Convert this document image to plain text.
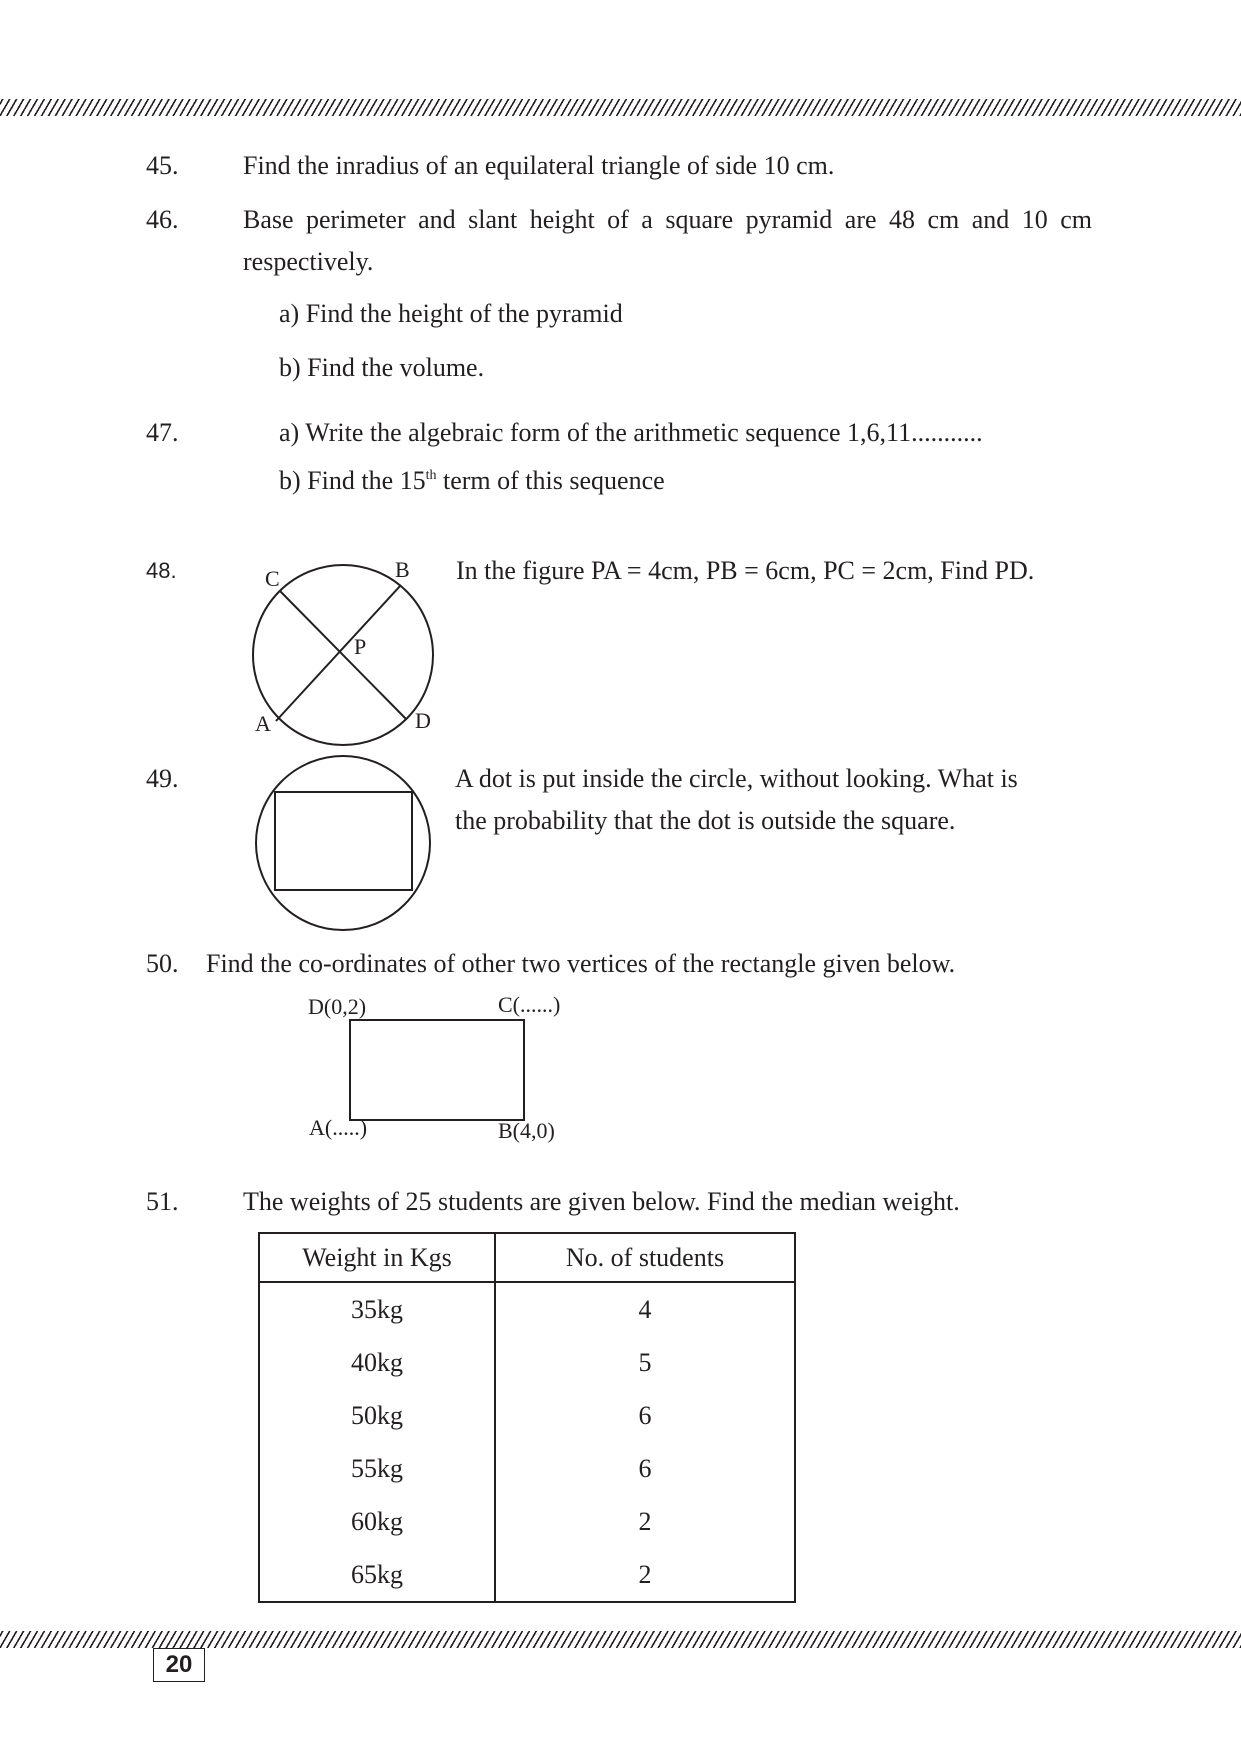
45. Find the inradius of an equilateral triangle of side 10 cm.
46. Base perimeter and slant height of a square pyramid are 48 cm and 10 cm
respectively.
a) Find the height of the pyramid
b) Find the volume.
47.	a) Write the algebraic form of the arithmetic sequence 1,6,11...........
b) Find the 15th term of this sequence
48.	C	B
P
A	D
In the figure PA = 4cm, PB = 6cm, PC = 2cm, Find PD.
49.	A dot is put inside the circle, without looking. What is
the probability that the dot is outside the square.
50. Find the co-ordinates of other two vertices of the rectangle given below.
D(0,2)	C(......)
A(.....)	B(4,0)
51. The weights of 25 students are given below. Find the median weight.
Weight in Kgs	No. of students
35kg	4
40kg	5
50kg	6
55kg	6
60kg	2
65kg	2
20
